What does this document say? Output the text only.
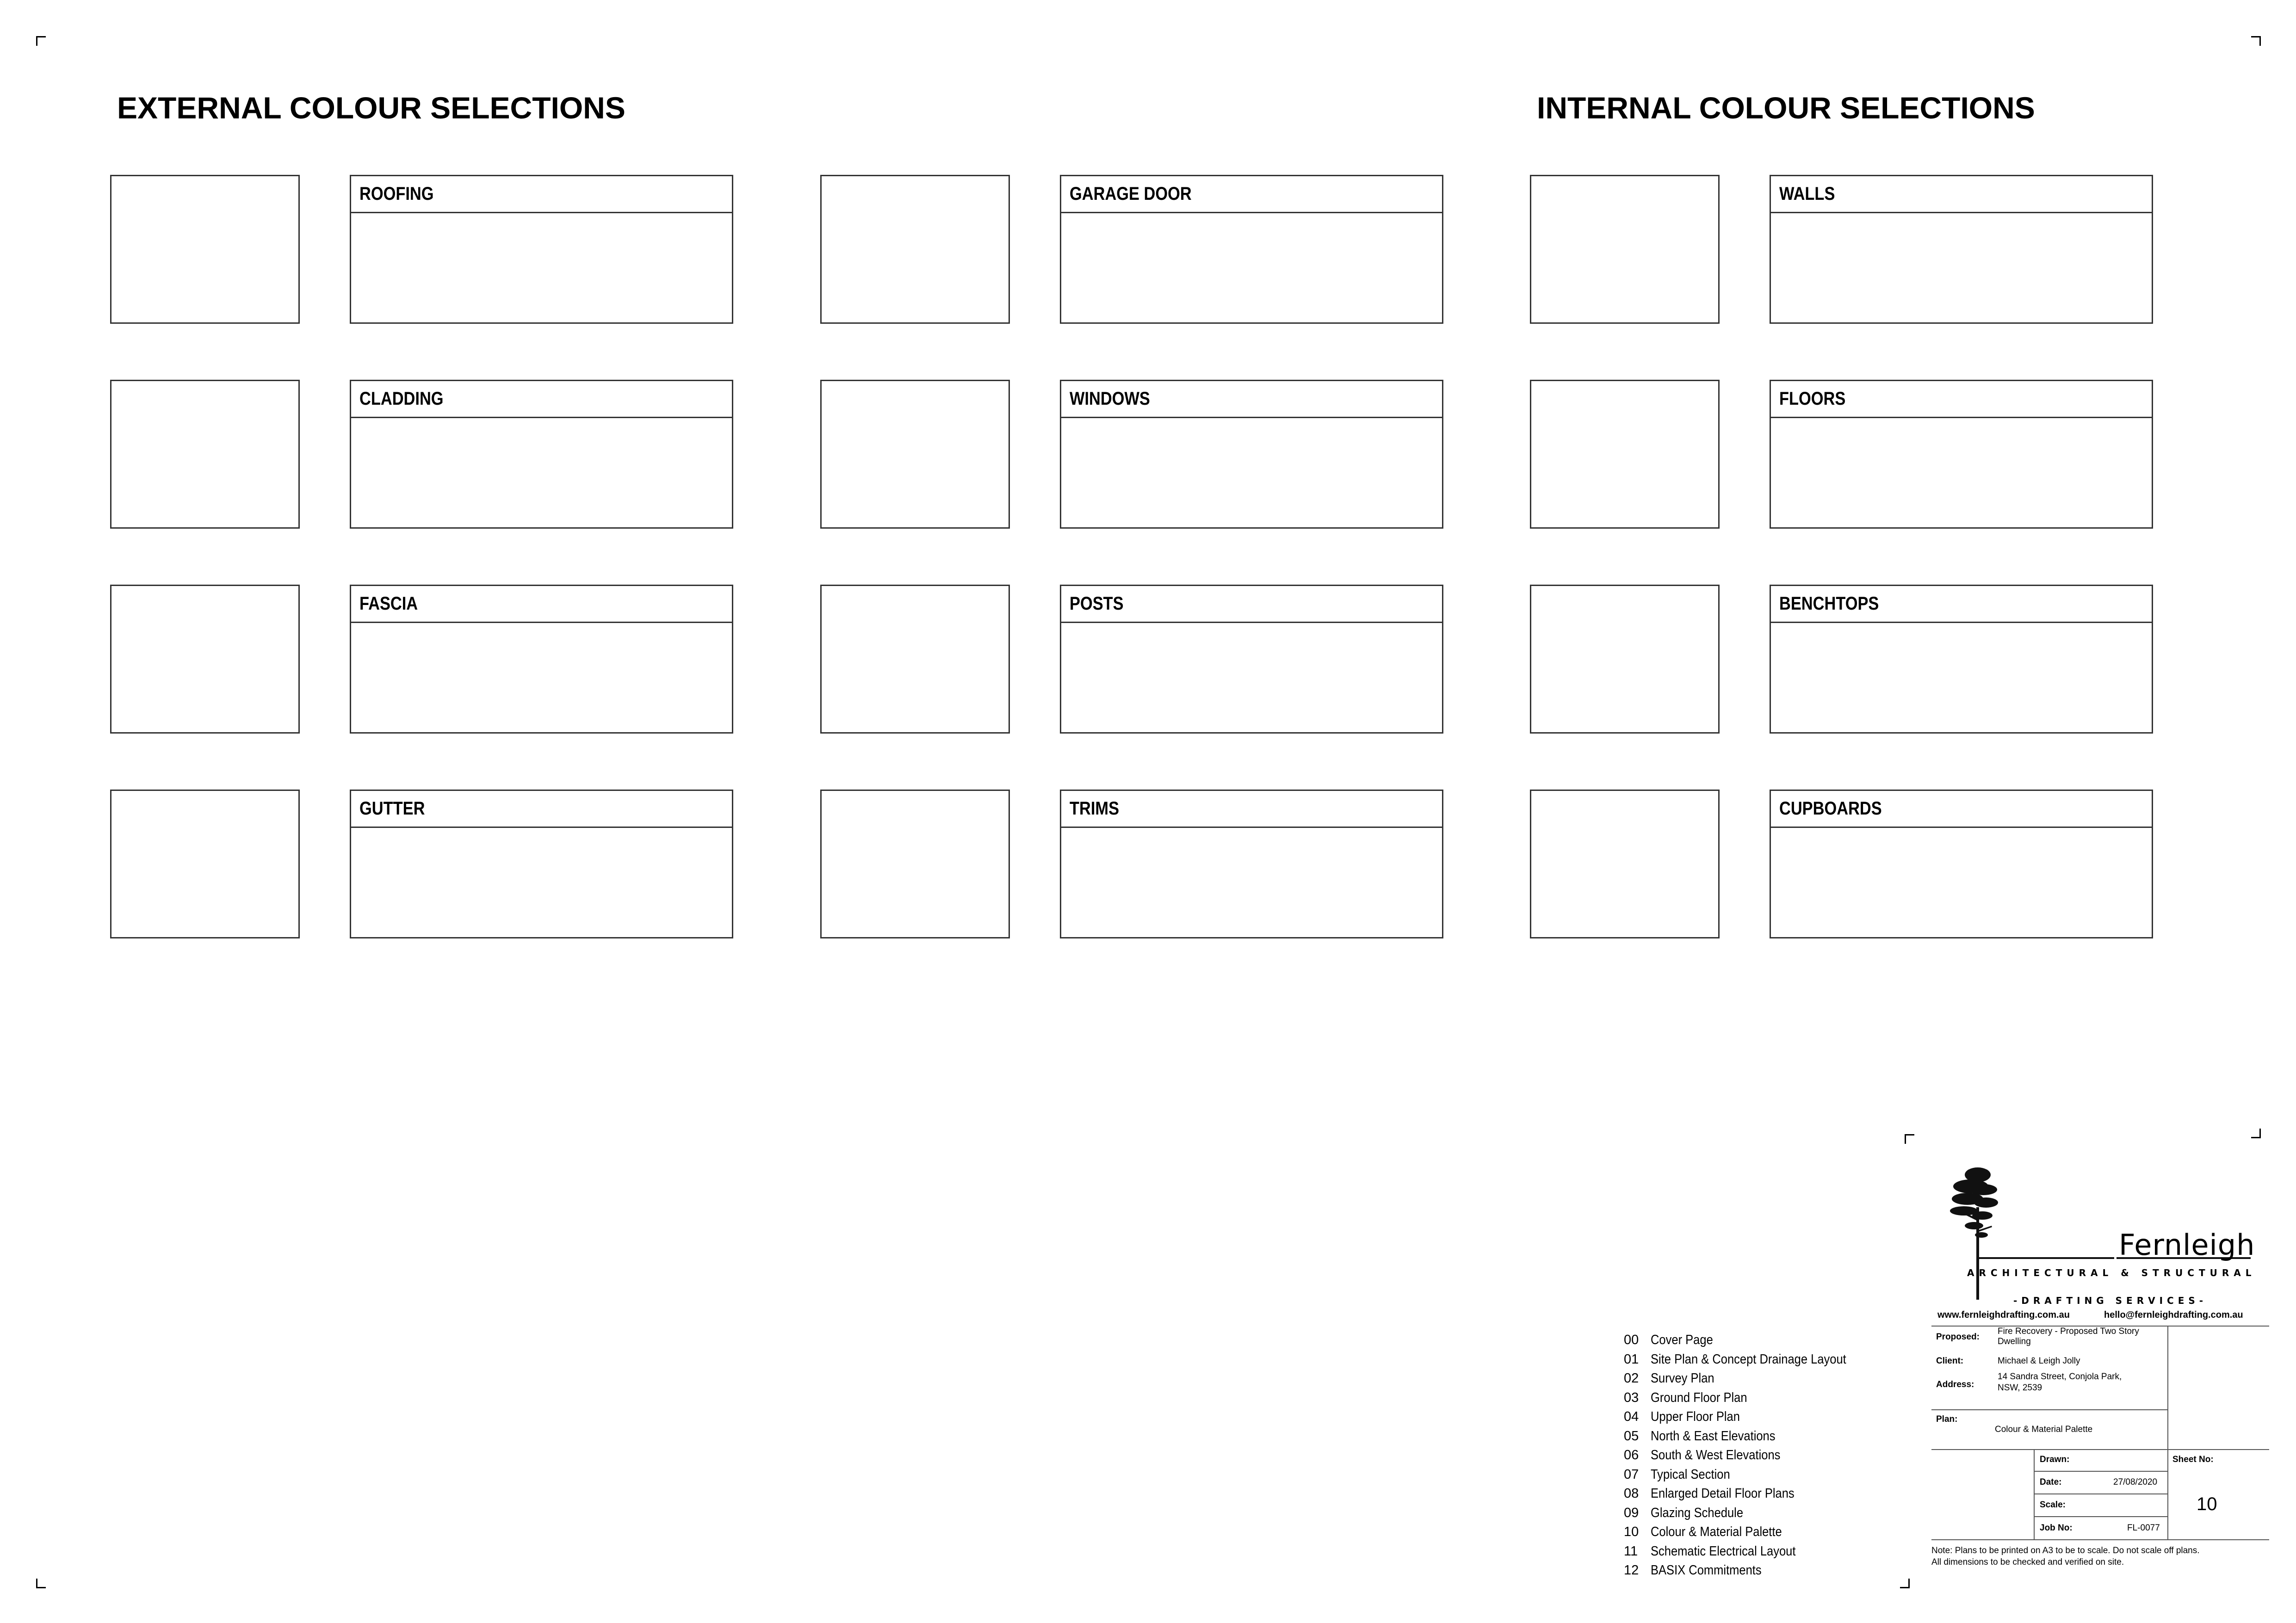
EXTERNAL COLOUR SELECTIONS	INTERNAL COLOUR SELECTIONS
ROOFING
CLADDING
FASCIA
GUTTER
GARAGE DOOR
WINDOWS
POSTS
TRIMS
WALLS
FLOORS
BENCHTOPS
CUPBOARDS
00 Cover Page
01 Site Plan & Concept Drainage Layout
02 Survey Plan
03 Ground Floor Plan
04 Upper Floor Plan
05 North & East Elevations
06 South & West Elevations
07 Typical Section
08 Enlarged Detail Floor Plans
09 Glazing Schedule
10 Colour & Material Palette
11 Schematic Electrical Layout
12 BASIX Commitments
Fernleigh
ARCHITECTURAL & STRUCTURAL
-DRAFTING SERVICES-
www.fernleighdrafting.com.au	hello@fernleighdrafting.com.au
Proposed:
Fire Recovery - Proposed Two Story Dwelling
Client:	Michael & Leigh Jolly
Address:
14 Sandra Street, Conjola Park,
NSW, 2539
Plan:
Colour & Material Palette
Drawn:
Date:	27/08/2020
Scale:
Job No:	FL-0077
Sheet No:
10
Note: Plans to be printed on A3 to be to scale. Do not scale off plans.
All dimensions to be checked and verified on site.
